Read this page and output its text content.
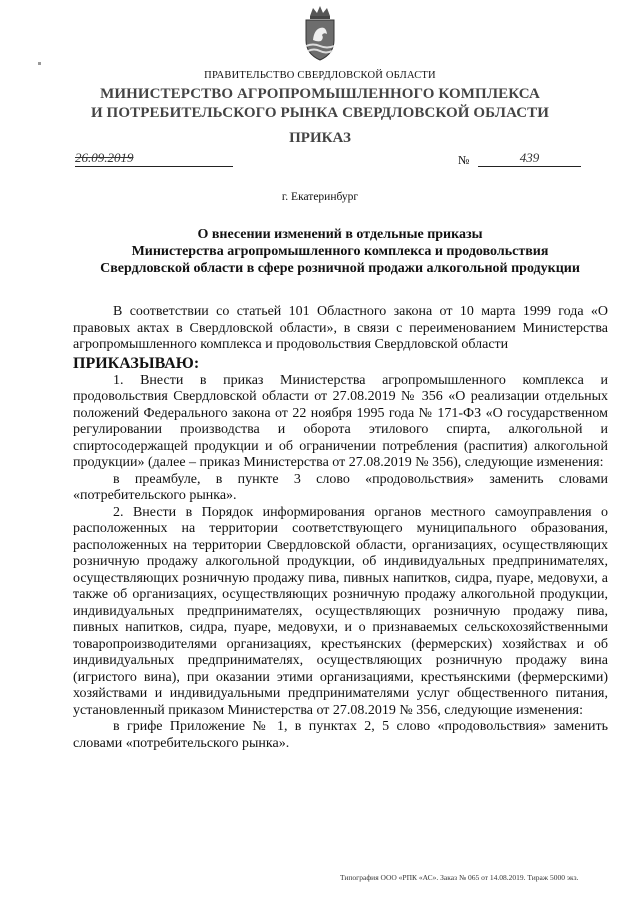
ПРАВИТЕЛЬСТВО СВЕРДЛОВСКОЙ ОБЛАСТИ
МИНИСТЕРСТВО АГРОПРОМЫШЛЕННОГО КОМПЛЕКСА
И ПОТРЕБИТЕЛЬСКОГО РЫНКА СВЕРДЛОВСКОЙ ОБЛАСТИ
ПРИКАЗ
26.09.2019	№	439
г. Екатеринбург
О внесении изменений в отдельные приказы
Министерства агропромышленного комплекса и продовольствия
Свердловской области в сфере розничной продажи алкогольной продукции

В соответствии со статьей 101 Областного закона от 10 марта 1999 года «О правовых актах в Свердловской области», в связи с переименованием Министерства агропромышленного комплекса и продовольствия Свердловской области

ПРИКАЗЫВАЮ:

1. Внести в приказ Министерства агропромышленного комплекса и продовольствия Свердловской области от 27.08.2019 № 356 «О реализации отдельных положений Федерального закона от 22 ноября 1995 года № 171-ФЗ «О государственном регулировании производства и оборота этилового спирта, алкогольной и спиртосодержащей продукции и об ограничении потребления (распития) алкогольной продукции» (далее – приказ Министерства от 27.08.2019 № 356), следующие изменения:

в преамбуле, в пункте 3 слово «продовольствия» заменить словами «потребительского рынка».

2. Внести в Порядок информирования органов местного самоуправления о расположенных на территории соответствующего муниципального образования, расположенных на территории Свердловской области, организациях, осуществляющих розничную продажу алкогольной продукции, об индивидуальных предпринимателях, осуществляющих розничную продажу пива, пивных напитков, сидра, пуаре, медовухи, а также об организациях, осуществляющих розничную продажу алкогольной продукции, индивидуальных предпринимателях, осуществляющих розничную продажу пива, пивных напитков, сидра, пуаре, медовухи, и о признаваемых сельскохозяйственными товаропроизводителями организациях, крестьянских (фермерских) хозяйствах и об индивидуальных предпринимателях, осуществляющих розничную продажу вина (игристого вина), при оказании этими организациями, крестьянскими (фермерскими) хозяйствами и индивидуальными предпринимателями услуг общественного питания, установленный приказом Министерства от 27.08.2019 № 356, следующие изменения:

в грифе Приложение № 1, в пунктах 2, 5 слово «продовольствия» заменить словами «потребительского рынка».

Типография ООО «РПК «АС». Заказ № 065 от 14.08.2019. Тираж 5000 экз.
